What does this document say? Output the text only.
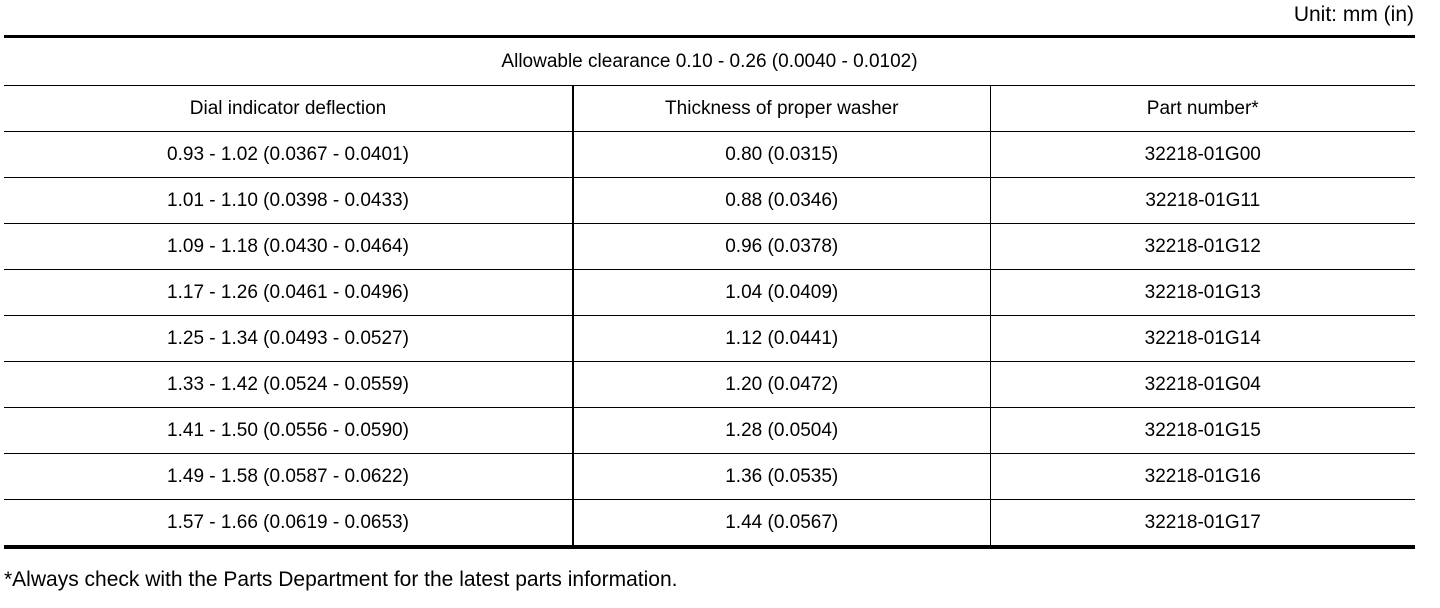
Unit: mm (in)
Allowable clearance 0.10 - 0.26 (0.0040 - 0.0102)		
Dial indicator deflection	Thickness of proper washer	Part number*
0.93 - 1.02 (0.0367 - 0.0401)	0.80 (0.0315)	32218-01G00
1.01 - 1.10 (0.0398 - 0.0433)	0.88 (0.0346)	32218-01G11
1.09 - 1.18 (0.0430 - 0.0464)	0.96 (0.0378)	32218-01G12
1.17 - 1.26 (0.0461 - 0.0496)	1.04 (0.0409)	32218-01G13
1.25 - 1.34 (0.0493 - 0.0527)	1.12 (0.0441)	32218-01G14
1.33 - 1.42 (0.0524 - 0.0559)	1.20 (0.0472)	32218-01G04
1.41 - 1.50 (0.0556 - 0.0590)	1.28 (0.0504)	32218-01G15
1.49 - 1.58 (0.0587 - 0.0622)	1.36 (0.0535)	32218-01G16
1.57 - 1.66 (0.0619 - 0.0653)	1.44 (0.0567)	32218-01G17
*Always check with the Parts Department for the latest parts information.
